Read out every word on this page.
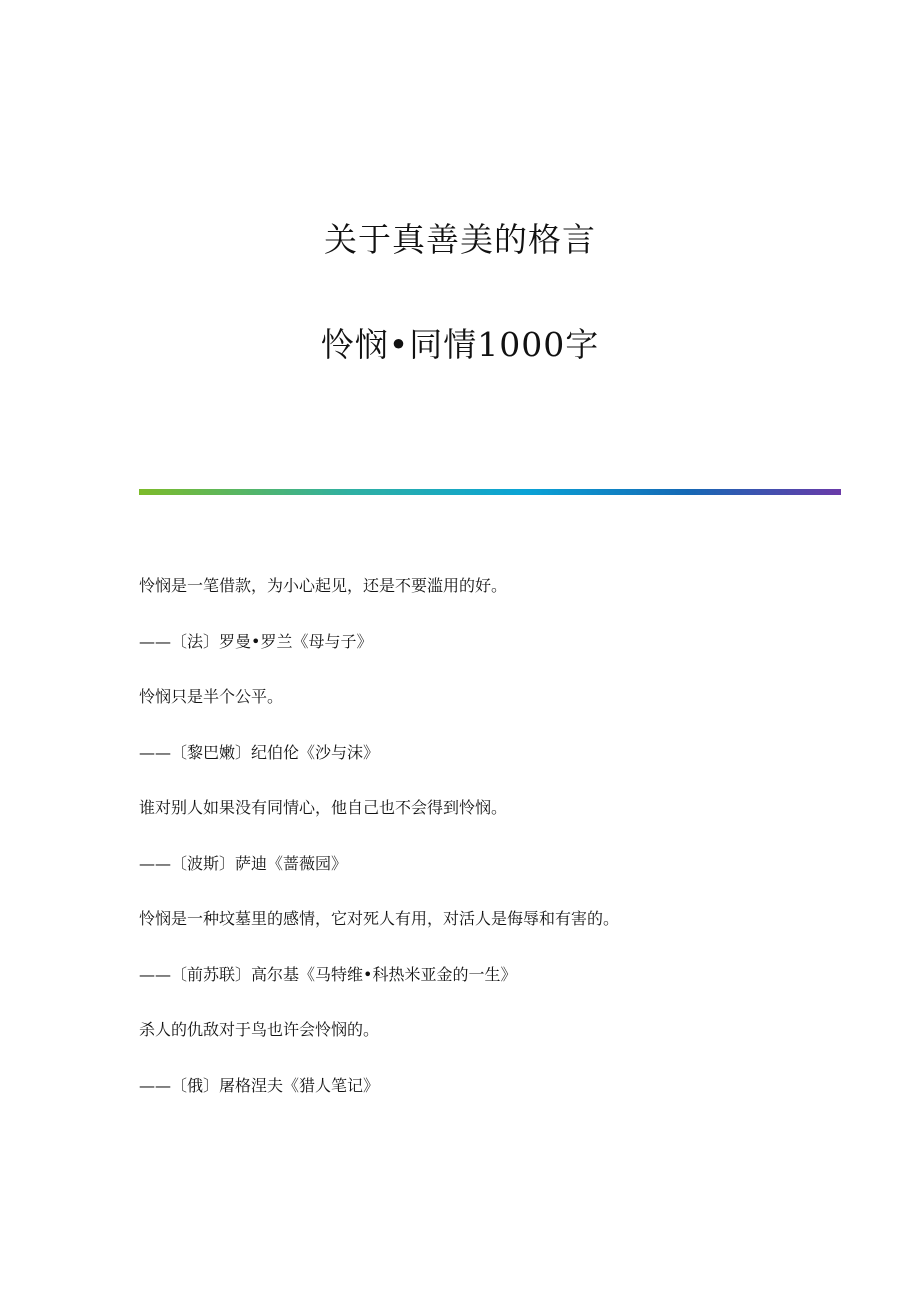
关于真善美的格言
怜悯•同情1000字

怜悯是一笔借款，为小心起见，还是不要滥用的好。

——〔法〕罗曼•罗兰《母与子》

怜悯只是半个公平。

——〔黎巴嫩〕纪伯伦《沙与沫》

谁对别人如果没有同情心，他自己也不会得到怜悯。

——〔波斯〕萨迪《蔷薇园》

怜悯是一种坟墓里的感情，它对死人有用，对活人是侮辱和有害的。

——〔前苏联〕高尔基《马特维•科热米亚金的一生》

杀人的仇敌对于鸟也许会怜悯的。

——〔俄〕屠格涅夫《猎人笔记》
